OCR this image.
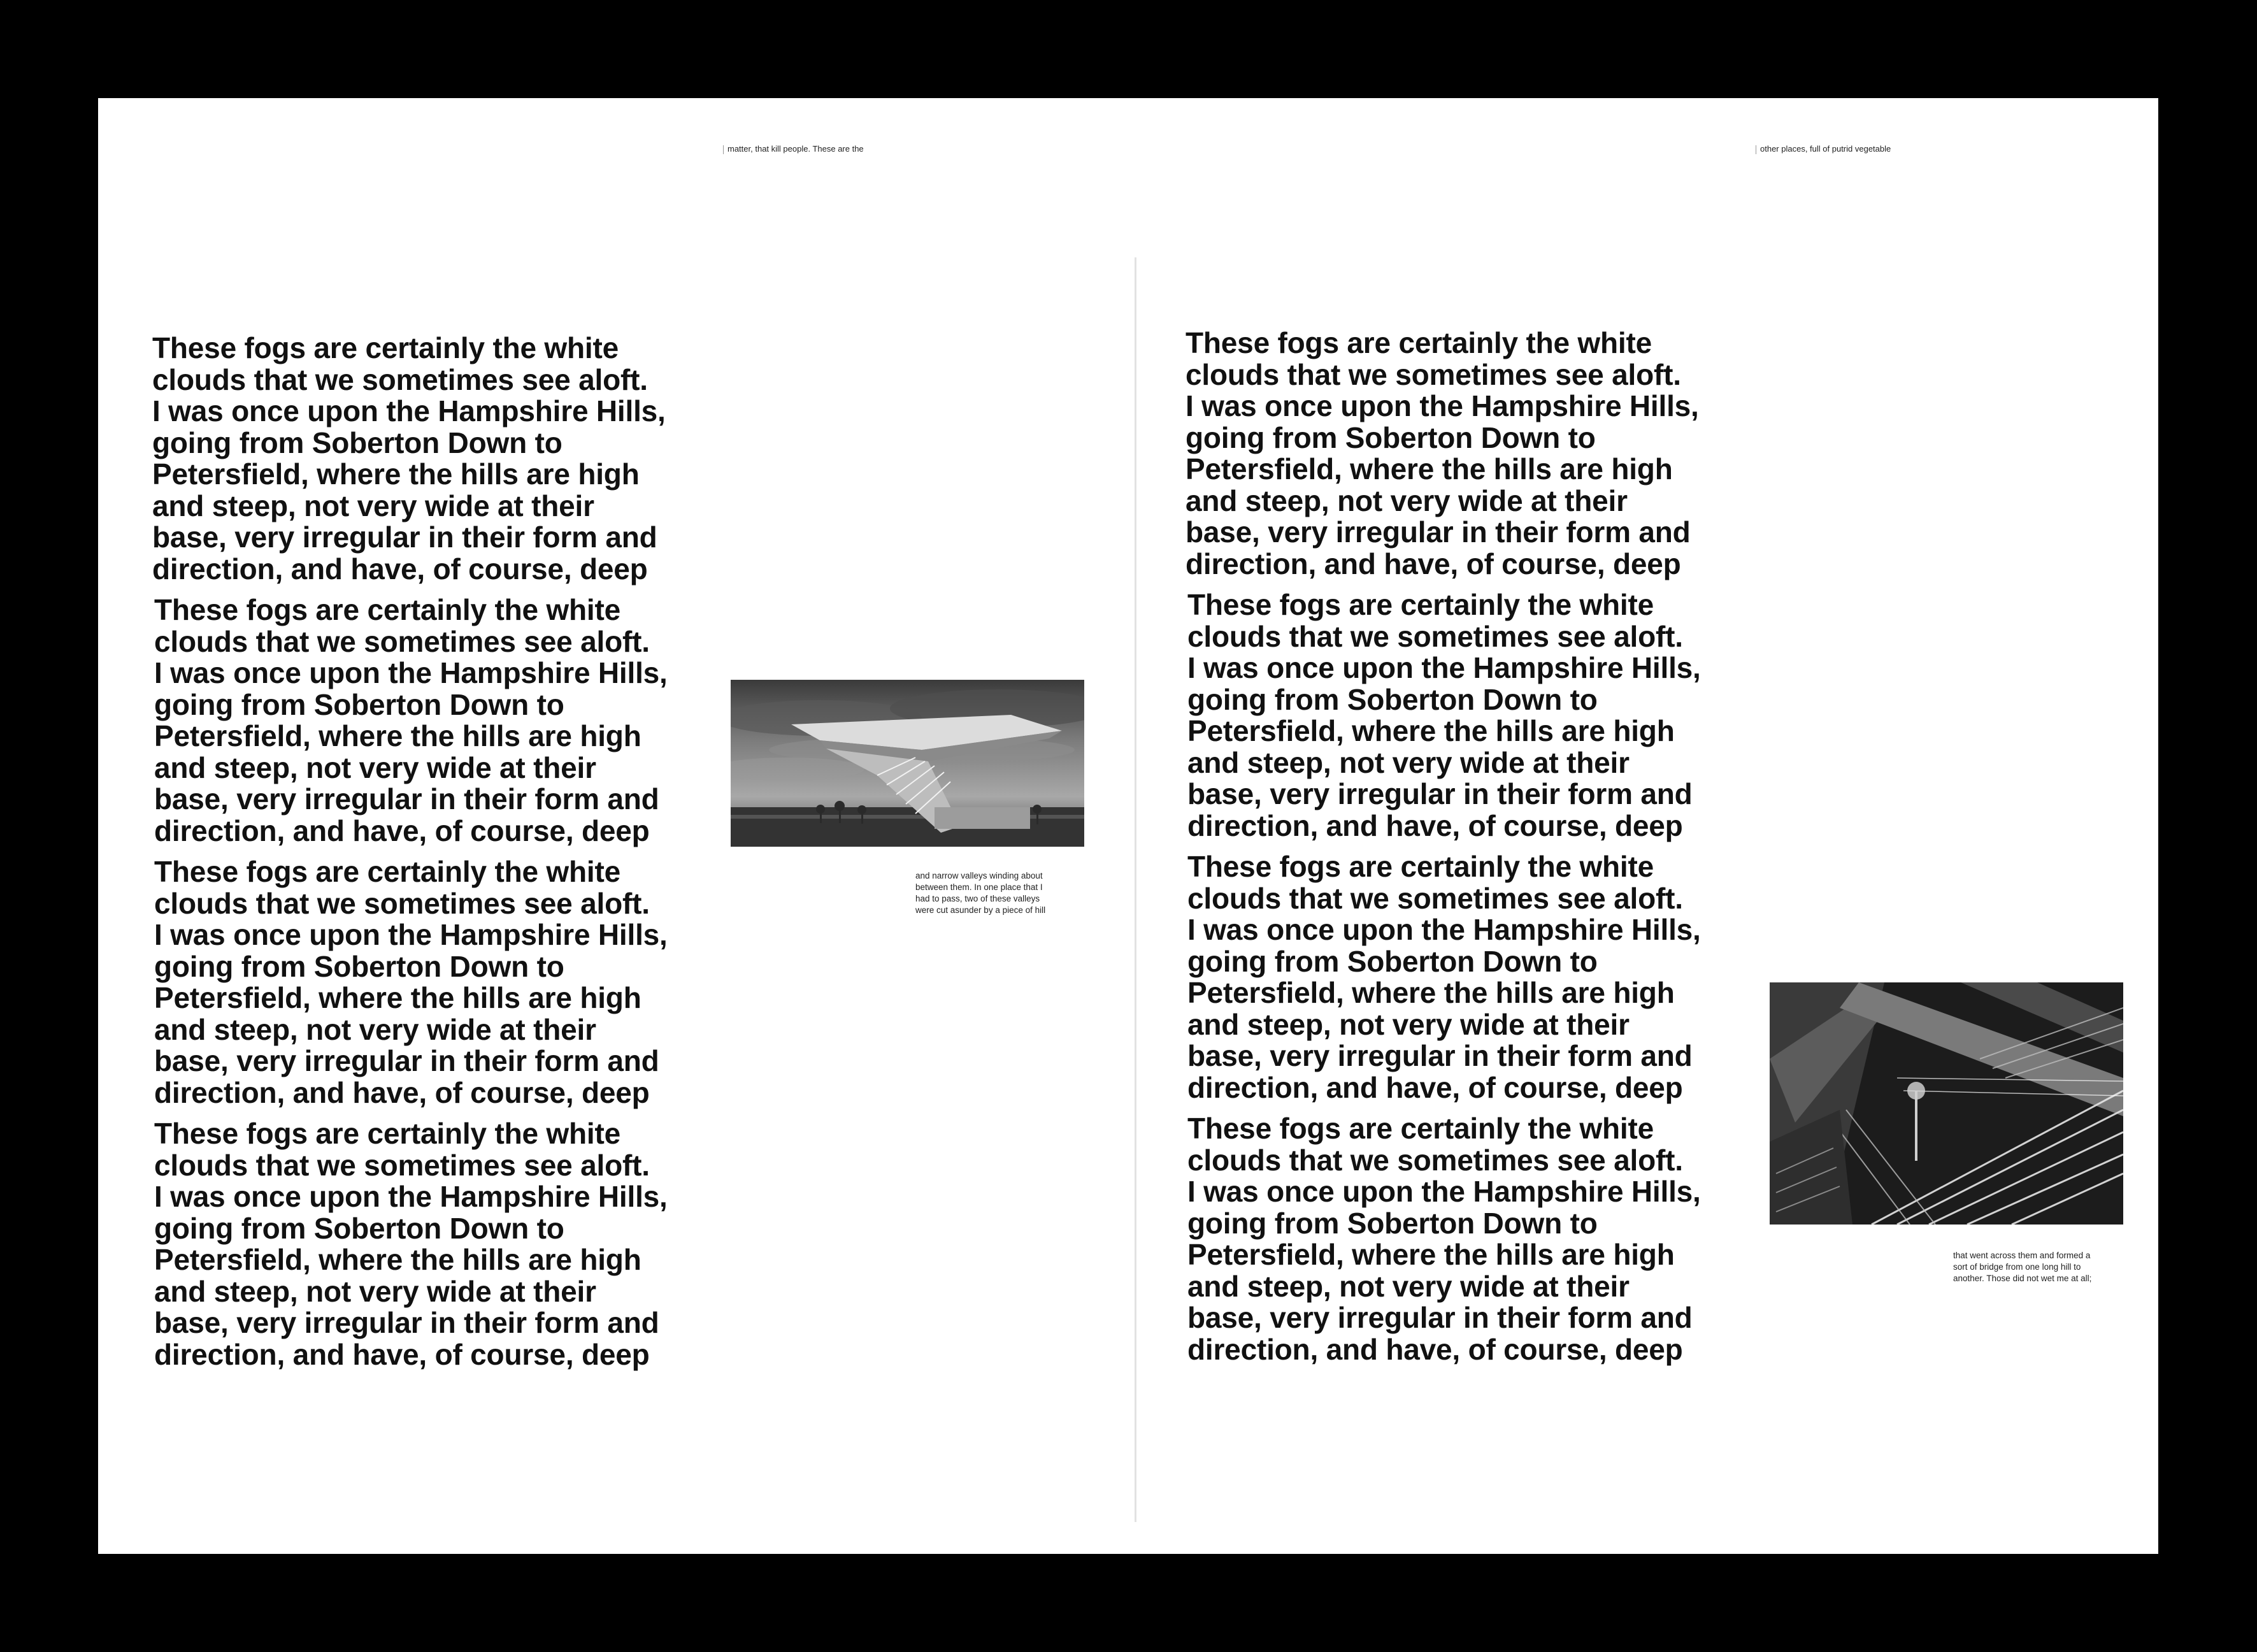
matter, that kill people. These are the	other places, full of putrid vegetable

These fogs are certainly the white
clouds that we sometimes see aloft.
I was once upon the Hampshire Hills,
going from Soberton Down to
Petersfield, where the hills are high
and steep, not very wide at their
base, very irregular in their form and
direction, and have, of course, deep

These fogs are certainly the white
clouds that we sometimes see aloft.
I was once upon the Hampshire Hills,
going from Soberton Down to
Petersfield, where the hills are high
and steep, not very wide at their
base, very irregular in their form and
direction, and have, of course, deep

These fogs are certainly the white
clouds that we sometimes see aloft.
I was once upon the Hampshire Hills,
going from Soberton Down to
Petersfield, where the hills are high
and steep, not very wide at their
base, very irregular in their form and
direction, and have, of course, deep

These fogs are certainly the white
clouds that we sometimes see aloft.
I was once upon the Hampshire Hills,
going from Soberton Down to
Petersfield, where the hills are high
and steep, not very wide at their
base, very irregular in their form and
direction, and have, of course, deep

These fogs are certainly the white
clouds that we sometimes see aloft.
I was once upon the Hampshire Hills,
going from Soberton Down to
Petersfield, where the hills are high
and steep, not very wide at their
base, very irregular in their form and
direction, and have, of course, deep

These fogs are certainly the white
clouds that we sometimes see aloft.
I was once upon the Hampshire Hills,
going from Soberton Down to
Petersfield, where the hills are high
and steep, not very wide at their
base, very irregular in their form and
direction, and have, of course, deep

These fogs are certainly the white
clouds that we sometimes see aloft.
I was once upon the Hampshire Hills,
going from Soberton Down to
Petersfield, where the hills are high
and steep, not very wide at their
base, very irregular in their form and
direction, and have, of course, deep

These fogs are certainly the white
clouds that we sometimes see aloft.
I was once upon the Hampshire Hills,
going from Soberton Down to
Petersfield, where the hills are high
and steep, not very wide at their
base, very irregular in their form and
direction, and have, of course, deep

and narrow valleys winding about
between them. In one place that I
had to pass, two of these valleys
were cut asunder by a piece of hill
that went across them and formed a
sort of bridge from one long hill to
another. Those did not wet me at all;
